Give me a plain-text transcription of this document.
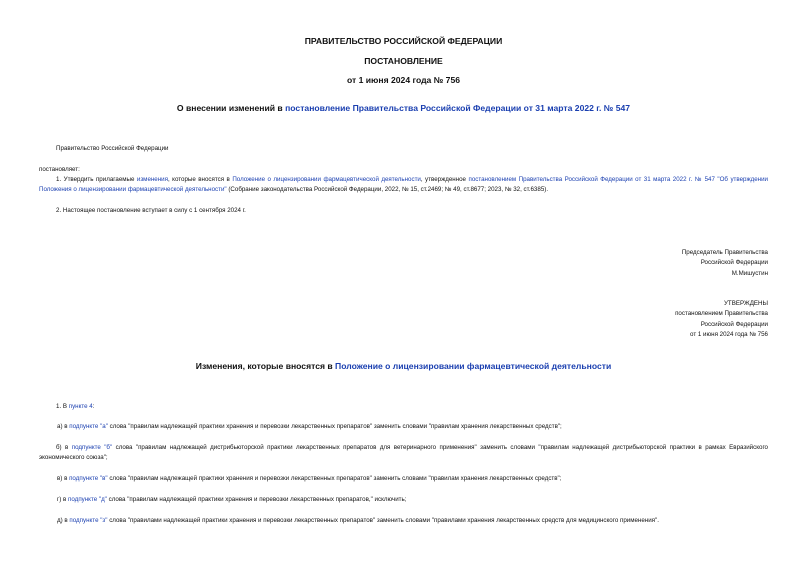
ПРАВИТЕЛЬСТВО РОССИЙСКОЙ ФЕДЕРАЦИИ
ПОСТАНОВЛЕНИЕ
от 1 июня 2024 года № 756
О внесении изменений в постановление Правительства Российской Федерации от 31 марта 2022 г. № 547
Правительство Российской Федерации
постановляет:
1. Утвердить прилагаемые изменения, которые вносятся в Положение о лицензировании фармацевтической деятельности, утвержденное постановлением Правительства Российской Федерации от 31 марта 2022 г. № 547 "Об утверждении Положения о лицензировании фармацевтической деятельности" (Собрание законодательства Российской Федерации, 2022, № 15, ст.2469; № 49, ст.8677; 2023, № 32, ст.6385).
2. Настоящее постановление вступает в силу с 1 сентября 2024 г.
Председатель Правительства
Российской Федерации
М.Мишустин
УТВЕРЖДЕНЫ
постановлением Правительства
Российской Федерации
от 1 июня 2024 года № 756
Изменения, которые вносятся в Положение о лицензировании фармацевтической деятельности
1. В пункте 4:
а) в подпункте "а" слова "правилам надлежащей практики хранения и перевозки лекарственных препаратов" заменить словами "правилам хранения лекарственных средств";
б) в подпункте "б" слова "правилам надлежащей дистрибьюторской практики лекарственных препаратов для ветеринарного применения" заменить словами "правилам надлежащей дистрибьюторской практики в рамках Евразийского экономического союза";
в) в подпункте "в" слова "правилам надлежащей практики хранения и перевозки лекарственных препаратов" заменить словами "правилам хранения лекарственных средств";
г) в подпункте "д" слова "правилам надлежащей практики хранения и перевозки лекарственных препаратов," исключить;
д) в подпункте "з" слова "правилами надлежащей практики хранения и перевозки лекарственных препаратов" заменить словами "правилами хранения лекарственных средств для медицинского применения".
